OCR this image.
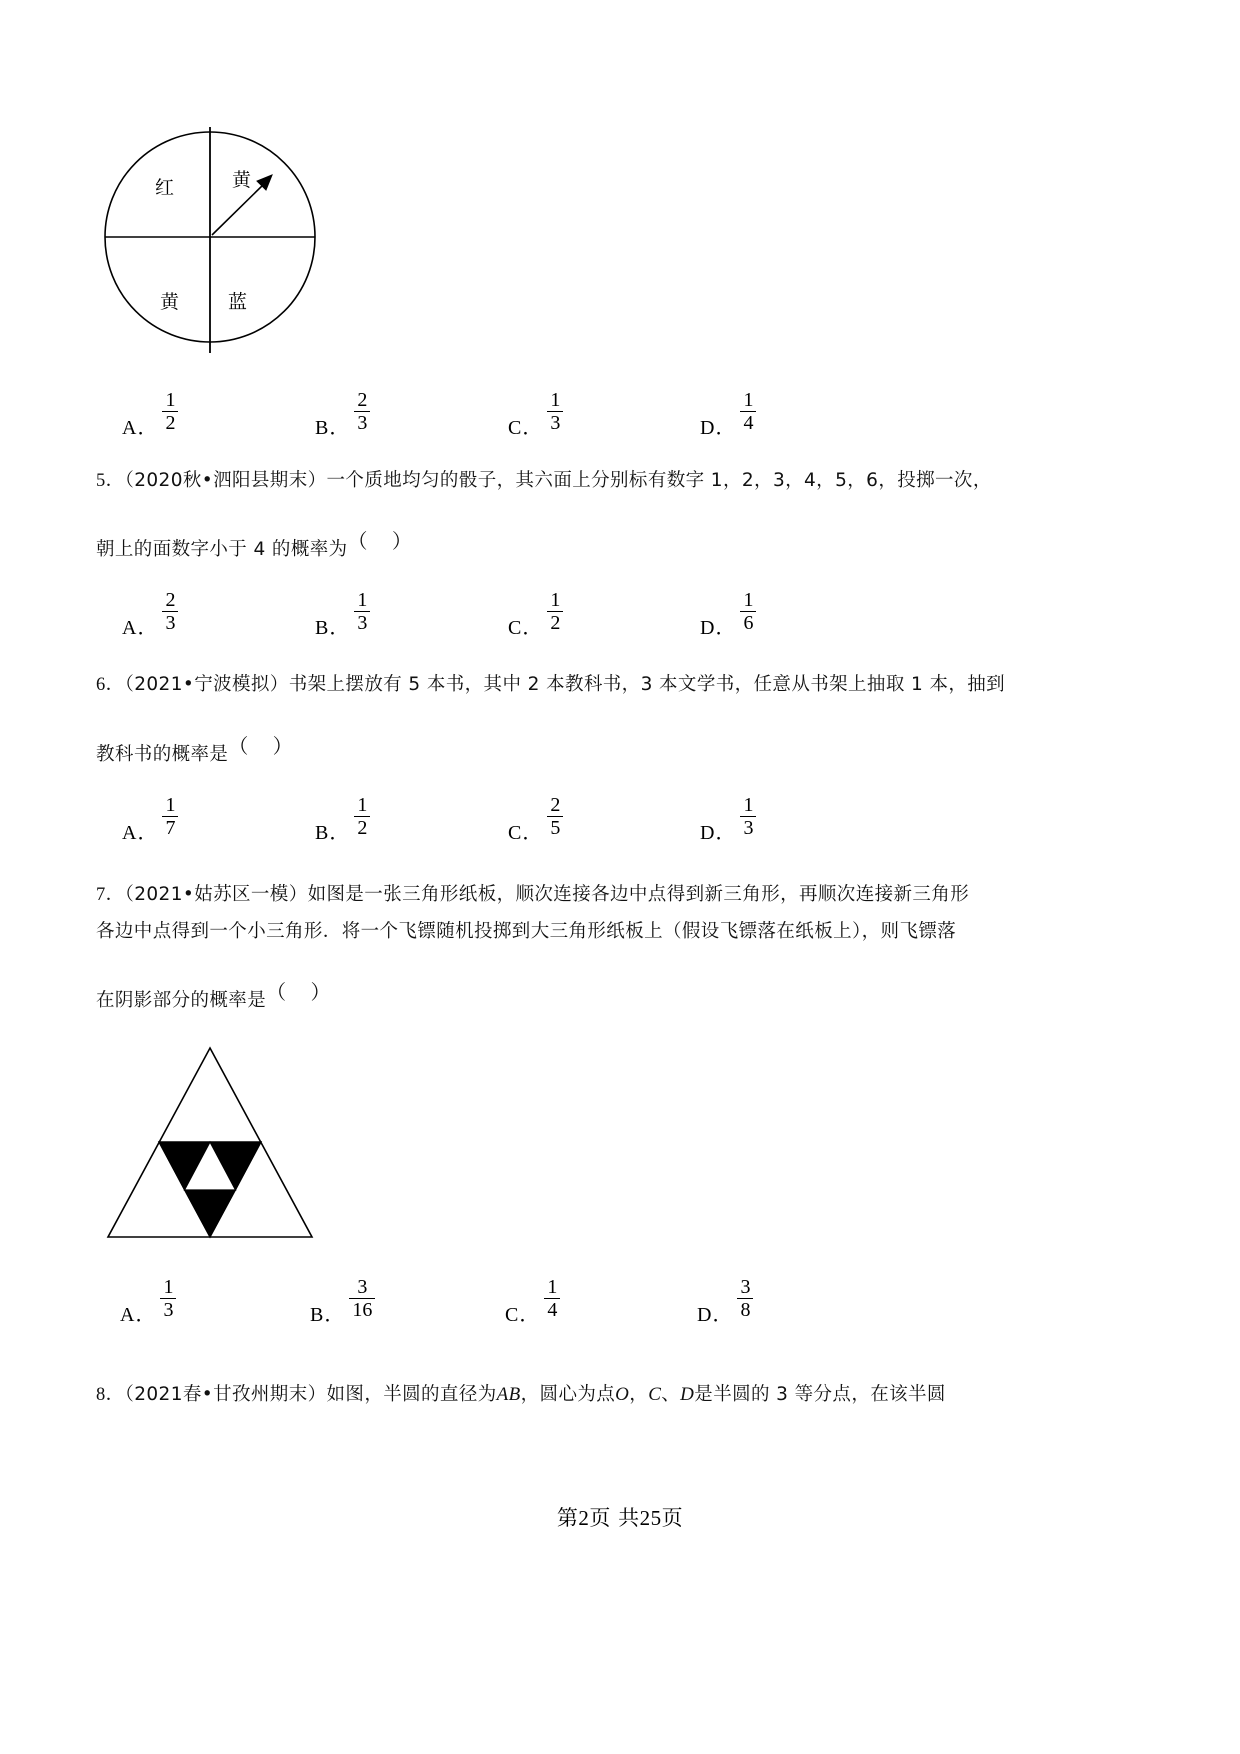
红	黄
黄	蓝
A． $\frac{1}{2}$	B． $\frac{2}{3}$	C． $\frac{1}{3}$	D． $\frac{1}{4}$
5．（2020秋•泗阳县期末）一个质地均匀的骰子，其六面上分别标有数字 1，2，3，4，5，6，投掷一次，
朝上的面数字小于 4 的概率为（ ）
A． $\frac{2}{3}$	B． $\frac{1}{3}$	C． $\frac{1}{2}$	D． $\frac{1}{6}$
6．（2021•宁波模拟）书架上摆放有 5 本书，其中 2 本教科书，3 本文学书，任意从书架上抽取 1 本，抽到
教科书的概率是（ ）
A． $\frac{1}{7}$	B． $\frac{1}{2}$	C． $\frac{2}{5}$	D． $\frac{1}{3}$
7．（2021•姑苏区一模）如图是一张三角形纸板，顺次连接各边中点得到新三角形，再顺次连接新三角形
各边中点得到一个小三角形．将一个飞镖随机投掷到大三角形纸板上（假设飞镖落在纸板上），则飞镖落
在阴影部分的概率是（ ）
A． $\frac{1}{3}$	B． $\frac{3}{16}$	C． $\frac{1}{4}$	D． $\frac{3}{8}$
8．（2021春•甘孜州期末）如图，半圆的直径为AB，圆心为点O，C、D是半圆的 3 等分点，在该半圆
第2页 共25页
